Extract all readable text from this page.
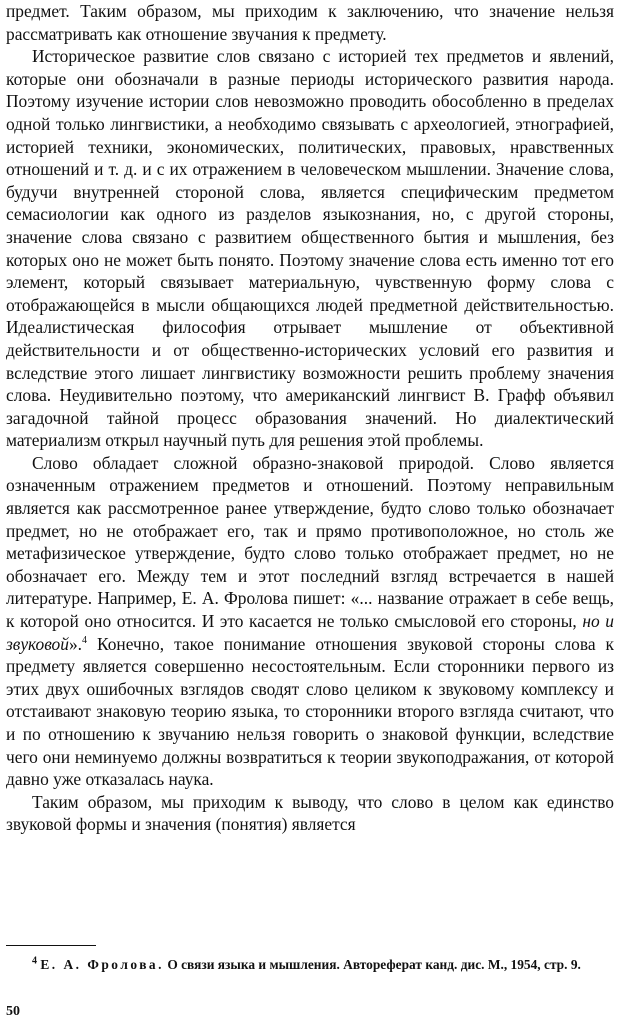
предмет. Таким образом, мы приходим к заключению, что значение нельзя рассматривать как отношение звучания к предмету.

Историческое развитие слов связано с историей тех предметов и явлений, которые они обозначали в разные периоды исторического развития народа. Поэтому изучение истории слов невозможно проводить обособленно в пределах одной только лингвистики, а необходимо связывать с археологией, этнографией, историей техники, экономических, политических, правовых, нравственных отношений и т. д. и с их отражением в человеческом мышлении. Значение слова, будучи внутренней стороной слова, является специфическим предметом семасиологии как одного из разделов языкознания, но, с другой стороны, значение слова связано с развитием общественного бытия и мышления, без которых оно не может быть понято. Поэтому значение слова есть именно тот его элемент, который связывает материальную, чувственную форму слова с отображающейся в мысли общающихся людей предметной действительностью. Идеалистическая философия отрывает мышление от объективной действительности и от общественно-исторических условий его развития и вследствие этого лишает лингвистику возможности решить проблему значения слова. Неудивительно поэтому, что американский лингвист В. Графф объявил загадочной тайной процесс образования значений. Но диалектический материализм открыл научный путь для решения этой проблемы.

Слово обладает сложной образно-знаковой природой. Слово является означенным отражением предметов и отношений. Поэтому неправильным является как рассмотренное ранее утверждение, будто слово только обозначает предмет, но не отображает его, так и прямо противоположное, но столь же метафизическое утверждение, будто слово только отображает предмет, но не обозначает его. Между тем и этот последний взгляд встречается в нашей литературе. Например, Е. А. Фролова пишет: «... название отражает в себе вещь, к которой оно относится. И это касается не только смысловой его стороны, но и звуковой».$^4$ Конечно, такое понимание отношения звуковой стороны слова к предмету является совершенно несостоятельным. Если сторонники первого из этих двух ошибочных взглядов сводят слово целиком к звуковому комплексу и отстаивают знаковую теорию языка, то сторонники второго взгляда считают, что и по отношению к звучанию нельзя говорить о знаковой функции, вследствие чего они неминуемо должны возвратиться к теории звукоподражания, от которой давно уже отказалась наука.

Таким образом, мы приходим к выводу, что слово в целом как единство звуковой формы и значения (понятия) является

$^4$ Е. А. Фролова. О связи языка и мышления. Автореферат канд. дис. М., 1954, стр. 9.
50
